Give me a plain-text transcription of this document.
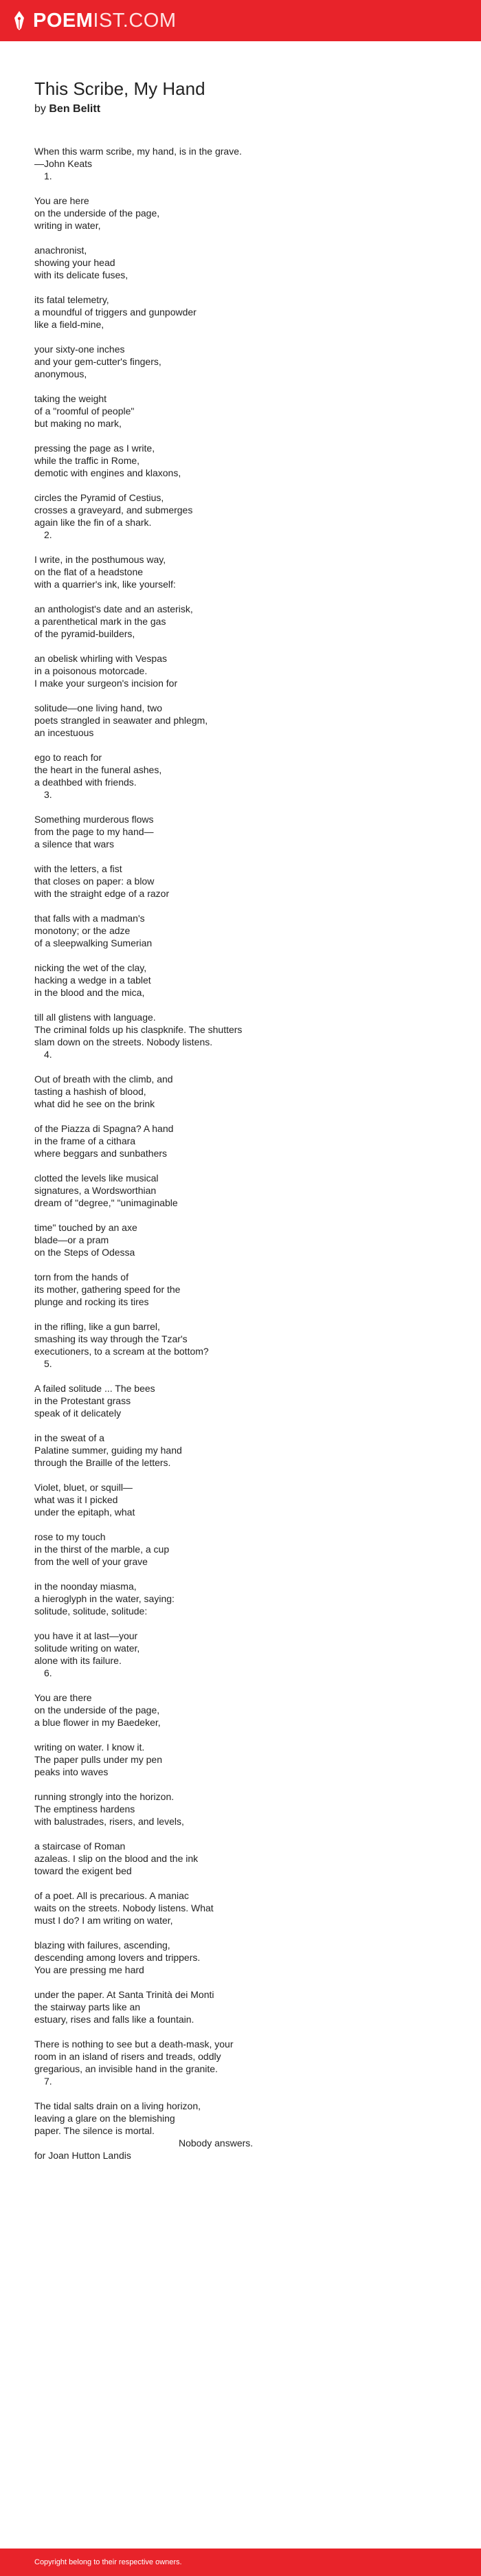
POEMIST.COM
This Scribe, My Hand
by Ben Belitt
When this warm scribe, my hand, is in the grave.
—John Keats
1.
You are here
on the underside of the page,
writing in water,
anachronist,
showing your head
with its delicate fuses,
its fatal telemetry,
a moundful of triggers and gunpowder
like a field-mine,
your sixty-one inches
and your gem-cutter's fingers,
anonymous,
taking the weight
of a "roomful of people"
but making no mark,
pressing the page as I write,
while the traffic in Rome,
demotic with engines and klaxons,
circles the Pyramid of Cestius,
crosses a graveyard, and submerges
again like the fin of a shark.
2.
I write, in the posthumous way,
on the flat of a headstone
with a quarrier's ink, like yourself:
an anthologist's date and an asterisk,
a parenthetical mark in the gas
of the pyramid-builders,
an obelisk whirling with Vespas
in a poisonous motorcade.
I make your surgeon's incision for
solitude—one living hand, two
poets strangled in seawater and phlegm,
an incestuous
ego to reach for
the heart in the funeral ashes,
a deathbed with friends.
3.
Something murderous flows
from the page to my hand—
a silence that wars
with the letters, a fist
that closes on paper: a blow
with the straight edge of a razor
that falls with a madman's
monotony; or the adze
of a sleepwalking Sumerian
nicking the wet of the clay,
hacking a wedge in a tablet
in the blood and the mica,
till all glistens with language.
The criminal folds up his claspknife. The shutters
slam down on the streets. Nobody listens.
4.
Out of breath with the climb, and
tasting a hashish of blood,
what did he see on the brink
of the Piazza di Spagna? A hand
in the frame of a cithara
where beggars and sunbathers
clotted the levels like musical
signatures, a Wordsworthian
dream of "degree," "unimaginable
time" touched by an axe
blade—or a pram
on the Steps of Odessa
torn from the hands of
its mother, gathering speed for the
plunge and rocking its tires
in the rifling, like a gun barrel,
smashing its way through the Tzar's
executioners, to a scream at the bottom?
5.
A failed solitude ... The bees
in the Protestant grass
speak of it delicately
in the sweat of a
Palatine summer, guiding my hand
through the Braille of the letters.
Violet, bluet, or squill—
what was it I picked
under the epitaph, what
rose to my touch
in the thirst of the marble, a cup
from the well of your grave
in the noonday miasma,
a hieroglyph in the water, saying:
solitude, solitude, solitude:
you have it at last—your
solitude writing on water,
alone with its failure.
6.
You are there
on the underside of the page,
a blue flower in my Baedeker,
writing on water. I know it.
The paper pulls under my pen
peaks into waves
running strongly into the horizon.
The emptiness hardens
with balustrades, risers, and levels,
a staircase of Roman
azaleas. I slip on the blood and the ink
toward the exigent bed
of a poet. All is precarious. A maniac
waits on the streets. Nobody listens. What
must I do? I am writing on water,
blazing with failures, ascending,
descending among lovers and trippers.
You are pressing me hard
under the paper. At Santa Trinità dei Monti
the stairway parts like an
estuary, rises and falls like a fountain.
There is nothing to see but a death-mask, your
room in an island of risers and treads, oddly
gregarious, an invisible hand in the granite.
7.
The tidal salts drain on a living horizon,
leaving a glare on the blemishing
paper. The silence is mortal.
Nobody answers.
for Joan Hutton Landis
Copyright belong to their respective owners.
